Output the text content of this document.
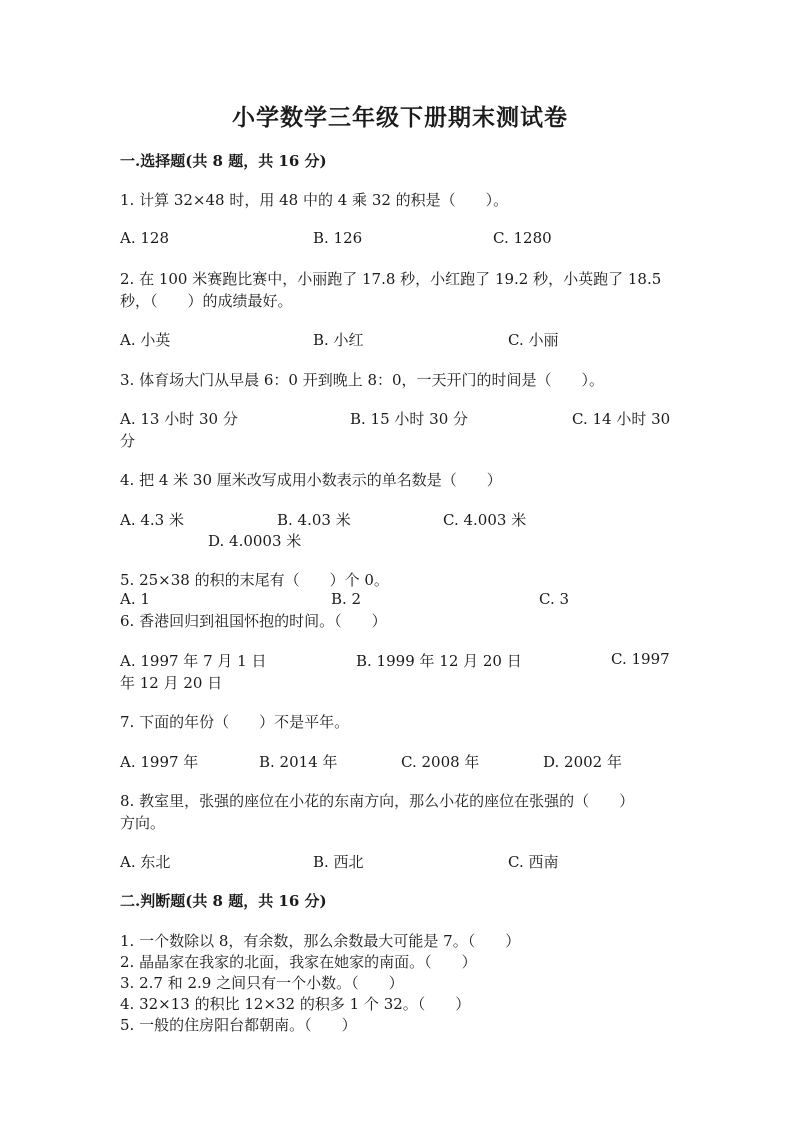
小学数学三年级下册期末测试卷
一.选择题(共 8 题，共 16 分)
1. 计算 32×48 时，用 48 中的 4 乘 32 的积是（　　）。
A. 128	B. 126	C. 1280
2. 在 100 米赛跑比赛中，小丽跑了 17.8 秒，小红跑了 19.2 秒，小英跑了 18.5
秒，（　　）的成绩最好。
A. 小英	B. 小红	C. 小丽
3. 体育场大门从早晨 6：0 开到晚上 8：0，一天开门的时间是（　　）。
A. 13 小时 30 分	B. 15 小时 30 分	C. 14 小时 30
分
4. 把 4 米 30 厘米改写成用小数表示的单名数是（　　）
A. 4.3 米	B. 4.03 米	C. 4.003 米
D. 4.0003 米
5. 25×38 的积的末尾有（　　）个 0。
A. 1	B. 2	C. 3
6. 香港回归到祖国怀抱的时间。（　　）
A. 1997 年 7 月 1 日	B. 1999 年 12 月 20 日	C. 1997
年 12 月 20 日
7. 下面的年份（　　）不是平年。
A. 1997 年	B. 2014 年	C. 2008 年	D. 2002 年
8. 教室里，张强的座位在小花的东南方向，那么小花的座位在张强的（　　）
方向。
A. 东北	B. 西北	C. 西南
二.判断题(共 8 题，共 16 分)
1. 一个数除以 8，有余数，那么余数最大可能是 7。（　　）
2. 晶晶家在我家的北面，我家在她家的南面。（　　）
3. 2.7 和 2.9 之间只有一个小数。（　　）
4. 32×13 的积比 12×32 的积多 1 个 32。（　　）
5. 一般的住房阳台都朝南。（　　）
